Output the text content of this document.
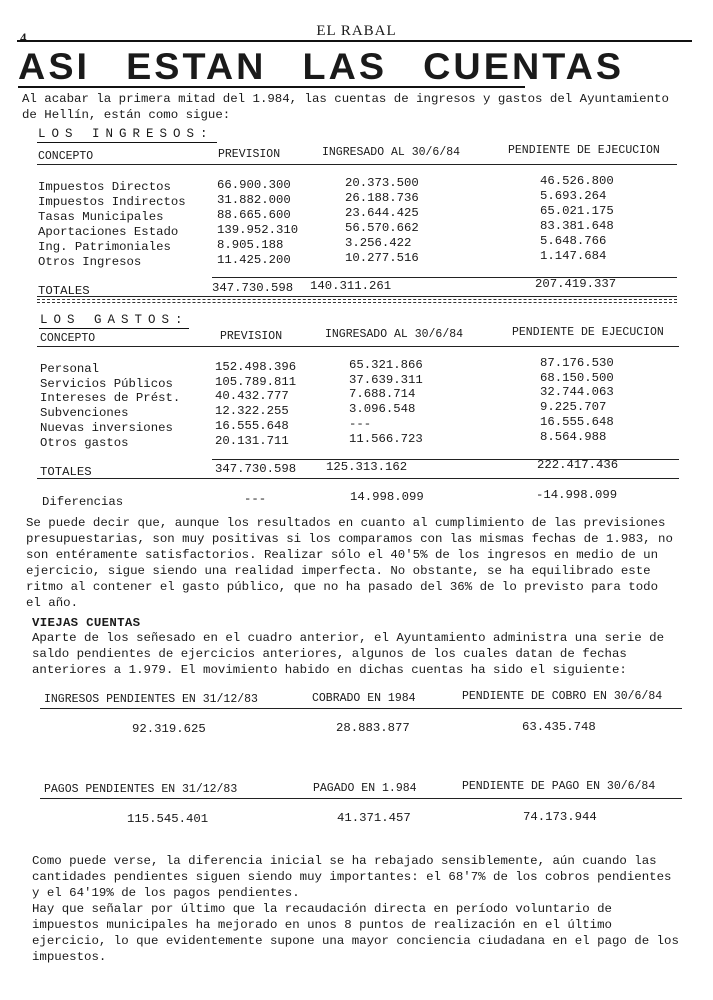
4	EL RABAL
ASI ESTAN LAS CUENTAS
Al acabar la primera mitad del 1.984, las cuentas de ingresos y gastos del Ayuntamiento
de Hellín, están como sigue:
LOS INGRESOS:
CONCEPTO	PREVISION	INGRESADO AL 30/6/84	PENDIENTE DE EJECUCION
Impuestos Directos	66.900.300	20.373.500	46.526.800
Impuestos Indirectos	31.882.000	26.188.736	5.693.264
Tasas Municipales	88.665.600	23.644.425	65.021.175
Aportaciones Estado	139.952.310	56.570.662	83.381.648
Ing. Patrimoniales	8.905.188	3.256.422	5.648.766
Otros Ingresos	11.425.200	10.277.516	1.147.684
TOTALES	347.730.598 140.311.261	207.419.337
LOS GASTOS:
CONCEPTO	PREVISION	INGRESADO AL 30/6/84	PENDIENTE DE EJECUCION
Personal	152.498.396	65.321.866	87.176.530
Servicios Públicos	105.789.811	37.639.311	68.150.500
Intereses de Prést.	40.432.777	7.688.714	32.744.063
Subvenciones	12.322.255	3.096.548	9.225.707
Nuevas inversiones	16.555.648	---	16.555.648
Otros gastos	20.131.711	11.566.723	8.564.988
TOTALES	347.730.598 125.313.162	222.417.436
Diferencias	---	14.998.099	-14.998.099
Se puede decir que, aunque los resultados en cuanto al cumplimiento de las previsiones
presupuestarias, son muy positivas si los comparamos con las mismas fechas de 1.983, no
son entéramente satisfactorios. Realizar sólo el 40'5% de los ingresos en medio de un
ejercicio, sigue siendo una realidad imperfecta. No obstante, se ha equilibrado este
ritmo al contener el gasto público, que no ha pasado del 36% de lo previsto para todo
el año.
VIEJAS CUENTAS
Aparte de los señesado en el cuadro anterior, el Ayuntamiento administra una serie de
saldo pendientes de ejercicios anteriores, algunos de los cuales datan de fechas
anteriores a 1.979. El movimiento habido en dichas cuentas ha sido el siguiente:
INGRESOS PENDIENTES EN 31/12/83	COBRADO EN 1984	PENDIENTE DE COBRO EN 30/6/84
92.319.625	28.883.877	63.435.748
PAGOS PENDIENTES EN 31/12/83	PAGADO EN 1.984	PENDIENTE DE PAGO EN 30/6/84
115.545.401	41.371.457	74.173.944
Como puede verse, la diferencia inicial se ha rebajado sensiblemente, aún cuando las
cantidades pendientes siguen siendo muy importantes: el 68'7% de los cobros pendientes
y el 64'19% de los pagos pendientes.
Hay que señalar por último que la recaudación directa en período voluntario de
impuestos municipales ha mejorado en unos 8 puntos de realización en el último
ejercicio, lo que evidentemente supone una mayor conciencia ciudadana en el pago de los
impuestos.
